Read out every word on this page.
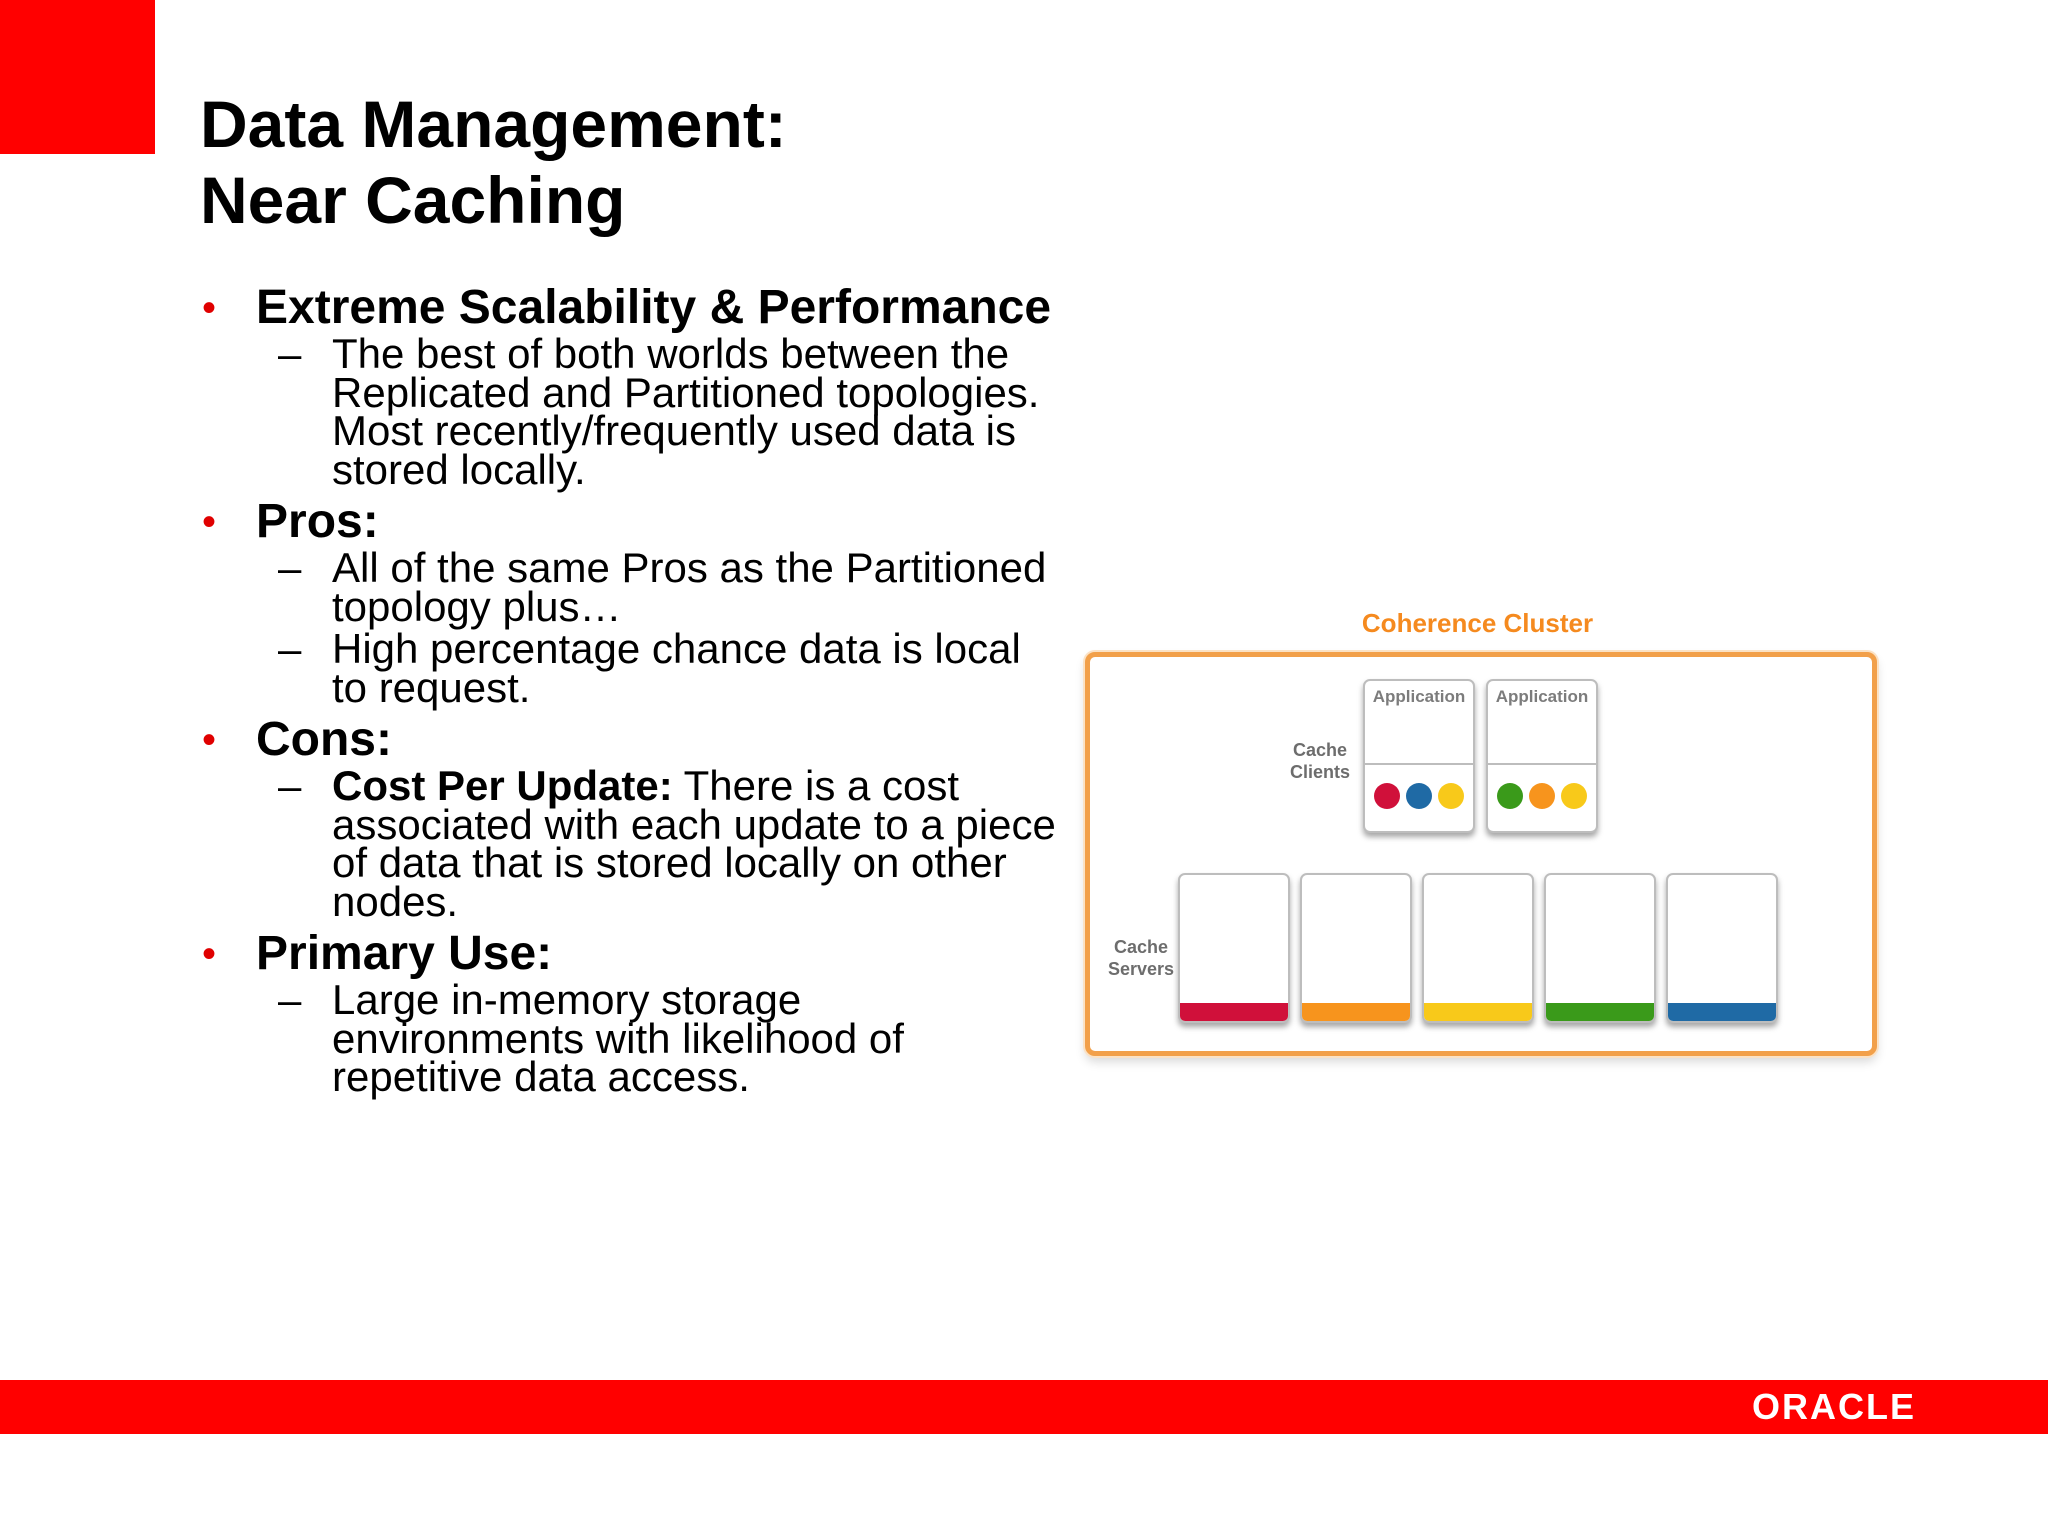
Data Management:
Near Caching
• Extreme Scalability & Performance
– The best of both worlds between the Replicated and Partitioned topologies. Most recently/frequently used data is stored locally.
• Pros:
– All of the same Pros as the Partitioned topology plus…
– High percentage chance data is local to request.
• Cons:
– Cost Per Update: There is a cost associated with each update to a piece of data that is stored locally on other nodes.
• Primary Use:
– Large in-memory storage environments with likelihood of repetitive data access.
Coherence Cluster
Cache
Clients
Application	Application
Cache
Servers
ORACLE
